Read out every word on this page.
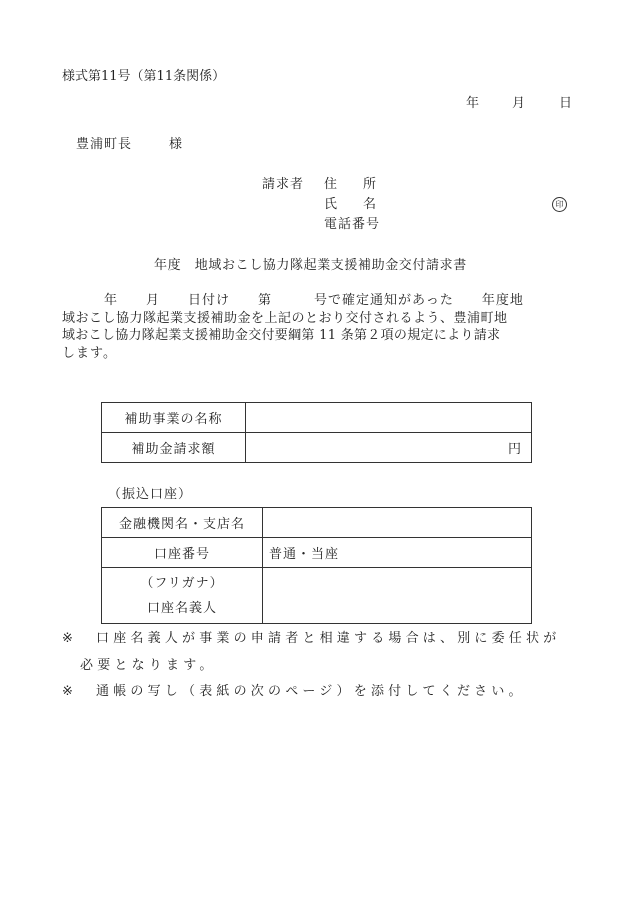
様式第11号（第11条関係）
年	月	日
豊浦町長	様
請求者 住　　所
氏　　名	印
電話番号
年度　地域おこし協力隊起業支援補助金交付請求書
　　　年　　月　　日付け　　第　　　号で確定通知があった　　年度地
域おこし協力隊起業支援補助金を上記のとおり交付されるよう、豊浦町地
域おこし協力隊起業支援補助金交付要綱第 11 条第２項の規定により請求
します。
補助事業の名称	
補助金請求額	円
（振込口座）
金融機関名・支店名	
口座番号	普通・当座

（フリガナ）
口座名義人	

※ 口座名義人が事業の申請者と相違する場合は、別に委任状が
必要となります。
※ 通帳の写し（表紙の次のページ）を添付してください。
